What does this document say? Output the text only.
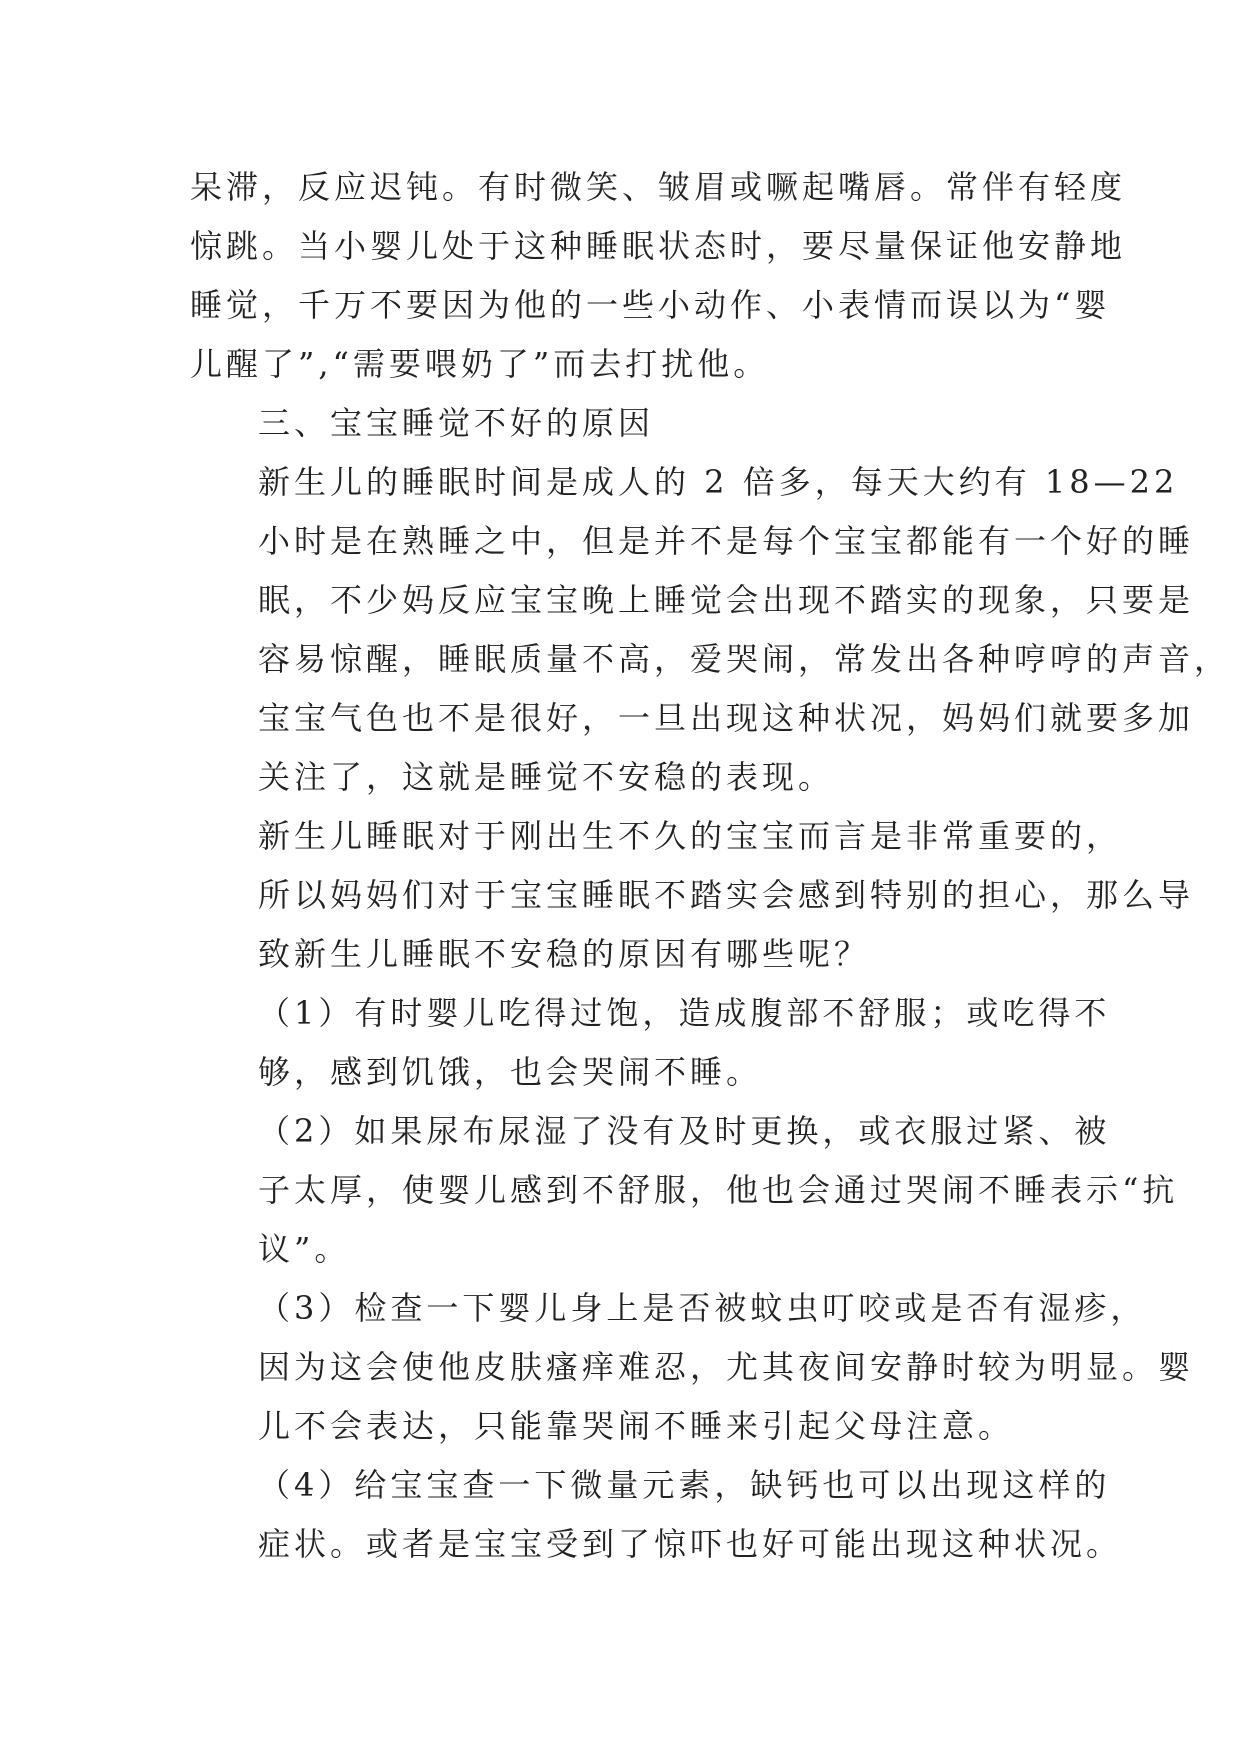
呆滞，反应迟钝。有时微笑、皱眉或噘起嘴唇。常伴有轻度
惊跳。当小婴儿处于这种睡眠状态时，要尽量保证他安静地
睡觉，千万不要因为他的一些小动作、小表情而误以为“婴
儿醒了”,“需要喂奶了”而去打扰他。
三、宝宝睡觉不好的原因
新生儿的睡眠时间是成人的 2 倍多，每天大约有 18—22
小时是在熟睡之中，但是并不是每个宝宝都能有一个好的睡
眠，不少妈反应宝宝晚上睡觉会出现不踏实的现象，只要是
容易惊醒，睡眠质量不高，爱哭闹，常发出各种哼哼的声音，
宝宝气色也不是很好，一旦出现这种状况，妈妈们就要多加
关注了，这就是睡觉不安稳的表现。
新生儿睡眠对于刚出生不久的宝宝而言是非常重要的，
所以妈妈们对于宝宝睡眠不踏实会感到特别的担心，那么导
致新生儿睡眠不安稳的原因有哪些呢？
（1）有时婴儿吃得过饱，造成腹部不舒服；或吃得不
够，感到饥饿，也会哭闹不睡。
（2）如果尿布尿湿了没有及时更换，或衣服过紧、被
子太厚，使婴儿感到不舒服，他也会通过哭闹不睡表示“抗
议”。
（3）检查一下婴儿身上是否被蚊虫叮咬或是否有湿疹，
因为这会使他皮肤瘙痒难忍，尤其夜间安静时较为明显。婴
儿不会表达，只能靠哭闹不睡来引起父母注意。
（4）给宝宝查一下微量元素，缺钙也可以出现这样的
症状。或者是宝宝受到了惊吓也好可能出现这种状况。
